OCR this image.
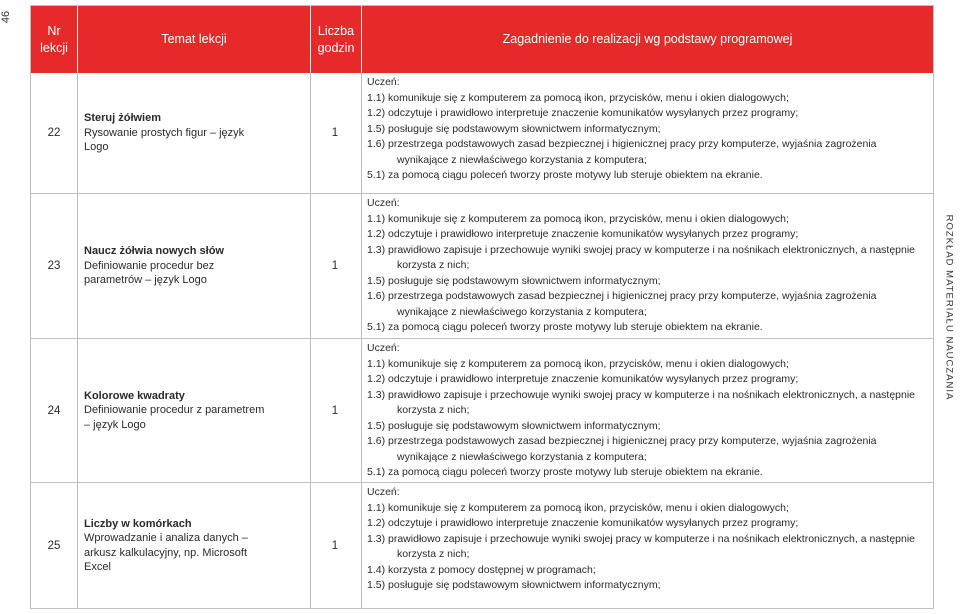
46
ROZKŁAD MATERIAŁU NAUCZANIA
Nr
lekcji
Temat lekcji
Liczba
godzin
Zagadnienie do realizacji wg podstawy programowej
22
Steruj żółwiem
Rysowanie prostych figur – język Logo
1
Uczeń:
1.1) komunikuje się z komputerem za pomocą ikon, przycisków, menu i okien dialogowych;
1.2) odczytuje i prawidłowo interpretuje znaczenie komunikatów wysyłanych przez programy;
1.5) posługuje się podstawowym słownictwem informatycznym;
1.6) przestrzega podstawowych zasad bezpiecznej i higienicznej pracy przy komputerze, wyjaśnia zagrożenia wynikające z niewłaściwego korzystania z komputera;
5.1) za pomocą ciągu poleceń tworzy proste motywy lub steruje obiektem na ekranie.
23
Naucz żółwia nowych słów
Definiowanie procedur bez parametrów – język Logo
1
Uczeń:
1.1) komunikuje się z komputerem za pomocą ikon, przycisków, menu i okien dialogowych;
1.2) odczytuje i prawidłowo interpretuje znaczenie komunikatów wysyłanych przez programy;
1.3) prawidłowo zapisuje i przechowuje wyniki swojej pracy w komputerze i na nośnikach elektronicznych, a następnie korzysta z nich;
1.5) posługuje się podstawowym słownictwem informatycznym;
1.6) przestrzega podstawowych zasad bezpiecznej i higienicznej pracy przy komputerze, wyjaśnia zagrożenia wynikające z niewłaściwego korzystania z komputera;
5.1) za pomocą ciągu poleceń tworzy proste motywy lub steruje obiektem na ekranie.
24
Kolorowe kwadraty
Definiowanie procedur z parametrem – język Logo
1
Uczeń:
1.1) komunikuje się z komputerem za pomocą ikon, przycisków, menu i okien dialogowych;
1.2) odczytuje i prawidłowo interpretuje znaczenie komunikatów wysyłanych przez programy;
1.3) prawidłowo zapisuje i przechowuje wyniki swojej pracy w komputerze i na nośnikach elektronicznych, a następnie korzysta z nich;
1.5) posługuje się podstawowym słownictwem informatycznym;
1.6) przestrzega podstawowych zasad bezpiecznej i higienicznej pracy przy komputerze, wyjaśnia zagrożenia wynikające z niewłaściwego korzystania z komputera;
5.1) za pomocą ciągu poleceń tworzy proste motywy lub steruje obiektem na ekranie.
25
Liczby w komórkach
Wprowadzanie i analiza danych – arkusz kalkulacyjny, np. Microsoft Excel
1
Uczeń:
1.1) komunikuje się z komputerem za pomocą ikon, przycisków, menu i okien dialogowych;
1.2) odczytuje i prawidłowo interpretuje znaczenie komunikatów wysyłanych przez programy;
1.3) prawidłowo zapisuje i przechowuje wyniki swojej pracy w komputerze i na nośnikach elektronicznych, a następnie korzysta z nich;
1.4) korzysta z pomocy dostępnej w programach;
1.5) posługuje się podstawowym słownictwem informatycznym;
